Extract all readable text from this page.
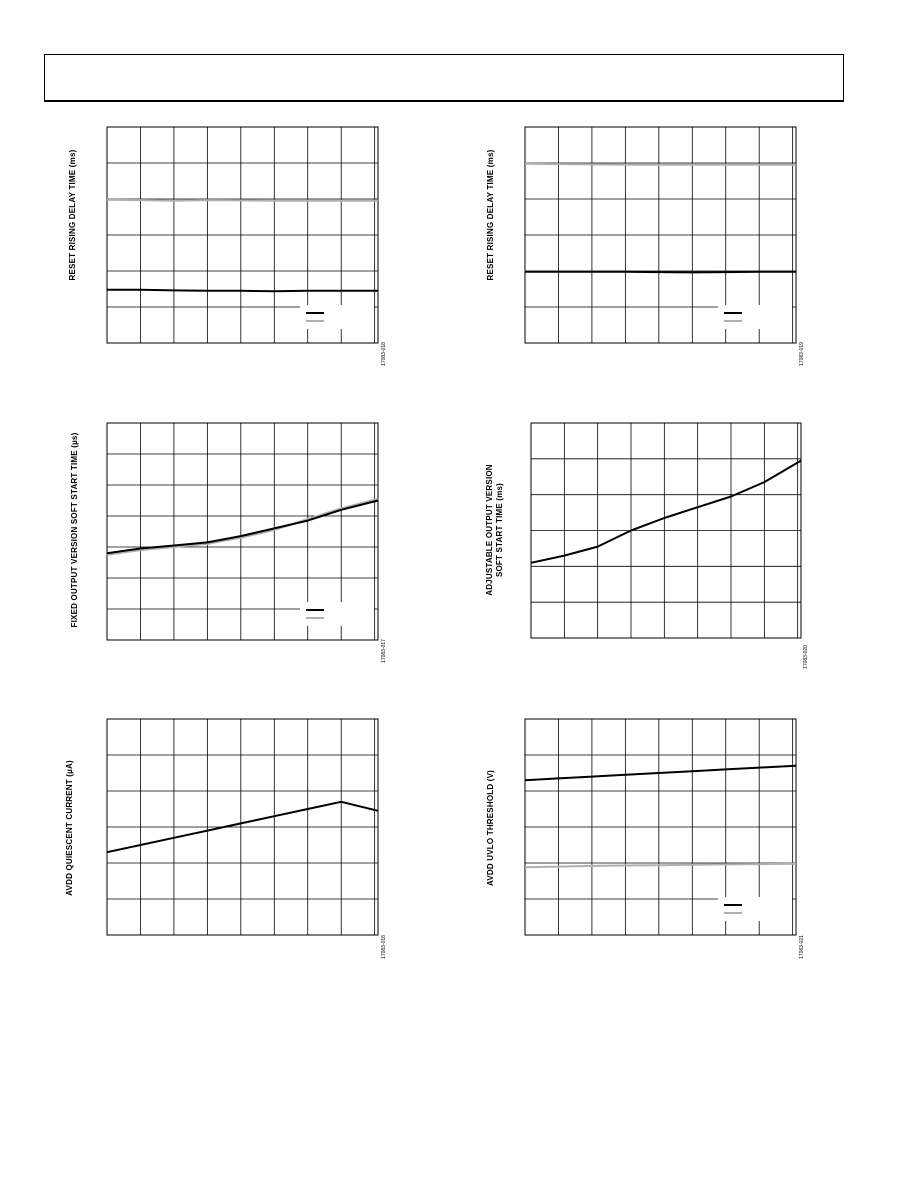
RESET RISING DELAY TIME (ms)
17083-018
RESET RISING DELAY TIME (ms)
17083-019
FIXED OUTPUT VERSION SOFT START TIME (µs)
17083-017
ADJUSTABLE OUTPUT VERSION SOFT START TIME (ms)
17083-020
AVDD QUIESCENT CURRENT (µA)
17083-018
AVDD UVLO THRESHOLD (V)
17083-021
